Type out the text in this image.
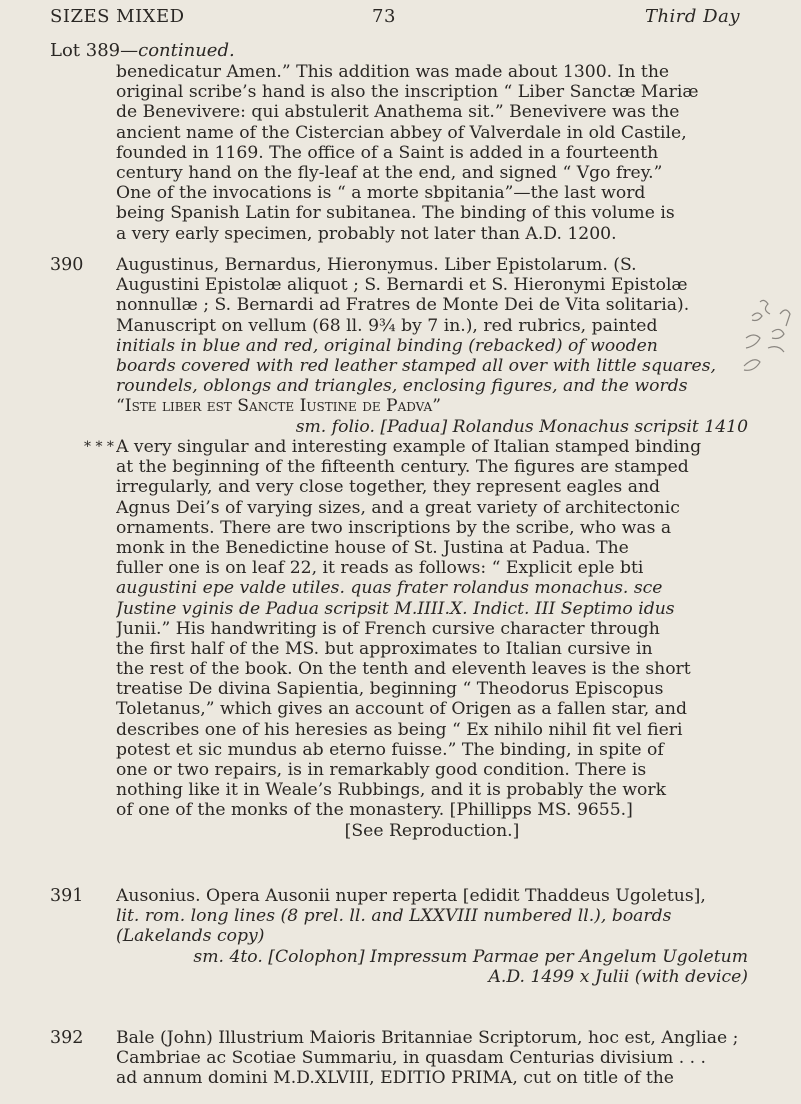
SIZES MIXED	73	Third Day
Lot 389—continued.
benedicatur Amen.” This addition was made about 1300. In the
original scribe’s hand is also the inscription “ Liber Sanctæ Mariæ
de Benevivere: qui abstulerit Anathema sit.” Benevivere was the
ancient name of the Cistercian abbey of Valverdale in old Castile,
founded in 1169. The office of a Saint is added in a fourteenth
century hand on the fly-leaf at the end, and signed “ Vgo frey.”
One of the invocations is “ a morte sbpitania”—the last word
being Spanish Latin for subitanea. The binding of this volume is
a very early specimen, probably not later than A.D. 1200.
390 Augustinus, Bernardus, Hieronymus. Liber Epistolarum. (S.
Augustini Epistolæ aliquot ; S. Bernardi et S. Hieronymi Epistolæ
nonnullæ ; S. Bernardi ad Fratres de Monte Dei de Vita solitaria).
Manuscript on vellum (68 ll. 9¾ by 7 in.), red rubrics, painted
initials in blue and red, original binding (rebacked) of wooden
boards covered with red leather stamped all over with little squares,
roundels, oblongs and triangles, enclosing figures, and the words
“Iste liber est Sancte Iustine de Padva”
sm. folio. [Padua] Rolandus Monachus scripsit 1410
* * * A very singular and interesting example of Italian stamped binding
at the beginning of the fifteenth century. The figures are stamped
irregularly, and very close together, they represent eagles and
Agnus Dei’s of varying sizes, and a great variety of architectonic
ornaments. There are two inscriptions by the scribe, who was a
monk in the Benedictine house of St. Justina at Padua. The
fuller one is on leaf 22, it reads as follows: “ Explicit eple bti
augustini epe valde utiles. quas frater rolandus monachus. sce
Justine vginis de Padua scripsit M.IIII.X. Indict. III Septimo idus
Junii.” His handwriting is of French cursive character through
the first half of the MS. but approximates to Italian cursive in
the rest of the book. On the tenth and eleventh leaves is the short
treatise De divina Sapientia, beginning “ Theodorus Episcopus
Toletanus,” which gives an account of Origen as a fallen star, and
describes one of his heresies as being “ Ex nihilo nihil fit vel fieri
potest et sic mundus ab eterno fuisse.” The binding, in spite of
one or two repairs, is in remarkably good condition. There is
nothing like it in Weale’s Rubbings, and it is probably the work
of one of the monks of the monastery. [Phillipps MS. 9655.]
[See Reproduction.]
391 Ausonius. Opera Ausonii nuper reperta [edidit Thaddeus Ugoletus],
lit. rom. long lines (8 prel. ll. and LXXVIII numbered ll.), boards
(Lakelands copy)
sm. 4to. [Colophon] Impressum Parmae per Angelum Ugoletum
A.D. 1499 x Julii (with device)
392 Bale (John) Illustrium Maioris Britanniae Scriptorum, hoc est, Angliae ;
Cambriae ac Scotiae Summariu, in quasdam Centurias divisium . . .
ad annum domini M.D.XLVIII, EDITIO PRIMA, cut on title of the
